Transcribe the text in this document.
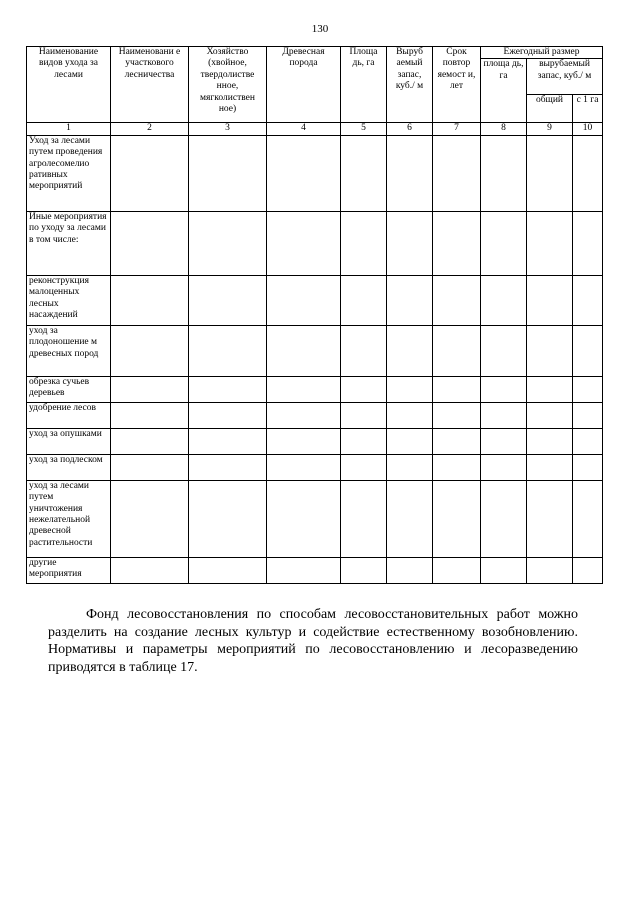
130
Наименование видов ухода за лесами	Наименовани е участкового лесничества	Хозяйство (хвойное, твердолистве нное, мягколиствен ное)	Древесная порода	Площа дь, га	Выруб аемый запас, куб./ м	Срок повтор яемост и, лет	Ежегодный размер		
							площа дь, га	вырубаемый запас, куб./ м	
								общий	с 1 га
1	2	3	4	5	6	7	8	9	10
Уход за лесами путем проведения агролесомелио ративных мероприятий									
Иные мероприятия по уходу за лесами в том числе:									
реконструкция малоценных лесных насаждений									
уход за плодоношение м древесных пород									
обрезка сучьев деревьев									
удобрение лесов									
уход за опушками									
уход за подлеском									
уход за лесами путем уничтожения нежелательной древесной растительности									
другие мероприятия									

Фонд лесовосстановления по способам лесовосстановительных работ можно разделить на создание лесных культур и содействие естественному возобновлению. Нормативы и параметры мероприятий по лесовосстановлению и лесоразведению приводятся в таблице 17.
